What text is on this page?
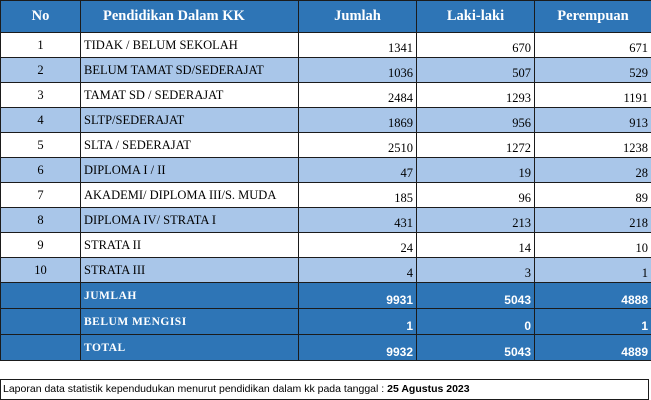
No	Pendidikan Dalam KK	Jumlah	Laki-laki	Perempuan
1	TIDAK / BELUM SEKOLAH	1341	670	671
2	BELUM TAMAT SD/SEDERAJAT	1036	507	529
3	TAMAT SD / SEDERAJAT	2484	1293	1191
4	SLTP/SEDERAJAT	1869	956	913
5	SLTA / SEDERAJAT	2510	1272	1238
6	DIPLOMA I / II	47	19	28
7	AKADEMI/ DIPLOMA III/S. MUDA	185	96	89
8	DIPLOMA IV/ STRATA I	431	213	218
9	STRATA II	24	14	10
10	STRATA III	4	3	1
	JUMLAH	9931	5043	4888
	BELUM MENGISI	1	0	1
	TOTAL	9932	5043	4889
Laporan data statistik kependudukan menurut pendidikan dalam kk pada tanggal : 25 Agustus 2023
